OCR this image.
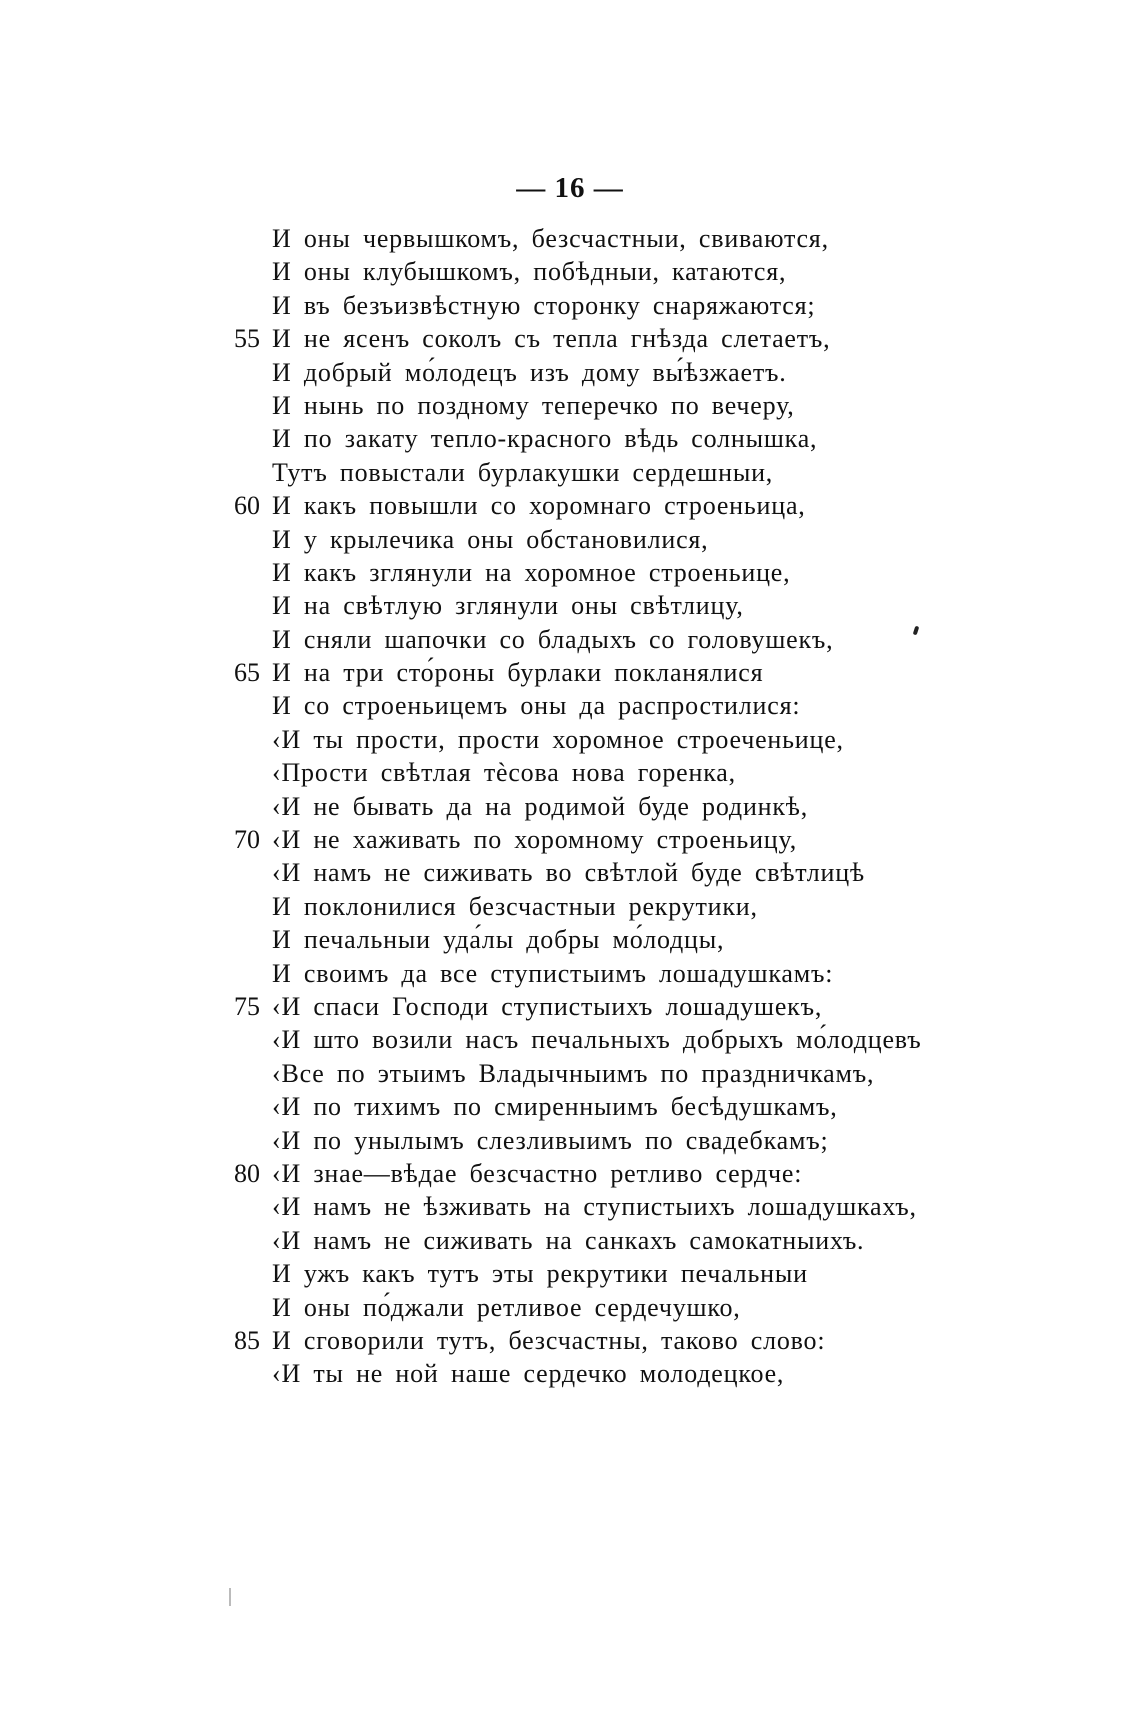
— 16 —
И оны червышкомъ, безсчастныи, свиваются,
И оны клубышкомъ, побѣдныи, катаются,
И въ безъизвѣстную сторонку снаряжаются;
55 И не ясенъ соколъ съ тепла гнѣзда слетаетъ,
И добрый мо́лодецъ изъ дому вы́ѣзжаетъ.
И нынь по поздному теперечко по вечеру,
И по закату тепло-красного вѣдь солнышка,
Тутъ повыстали бурлакушки сердешныи,
60 И какъ повышли со хоромнаго строеньица,
И у крылечика оны обстановилися,
И какъ зглянули на хоромное строеньице,
И на свѣтлую зглянули оны свѣтлицу,
И сняли шапочки со бладыхъ со головушекъ,
65 И на три сто́роны бурлаки покланялися
И со строеньицемъ оны да распростилися:
‹И ты прости, прости хоромное строеченьице,
‹Прости свѣтлая тѐсова нова горенка,
‹И не бывать да на родимой буде родинкѣ,
70 ‹И не хаживать по хоромному строеньицу,
‹И намъ не сиживать во свѣтлой буде свѣтлицѣ
И поклонилися безсчастныи рекрутики,
И печальныи уда́лы добры мо́лодцы,
И своимъ да все ступистыимъ лошадушкамъ:
75 ‹И спаси Господи ступистыихъ лошадушекъ,
‹И што возили насъ печальныхъ добрыхъ мо́лодцевъ
‹Все по этыимъ Владычныимъ по праздничкамъ,
‹И по тихимъ по смиренныимъ бесѣдушкамъ,
‹И по унылымъ слезливыимъ по свадебкамъ;
80 ‹И знае—вѣдае безсчастно ретливо сердче:
‹И намъ не ѣзживать на ступистыихъ лошадушкахъ,
‹И намъ не сиживать на санкахъ самокатныихъ.
И ужъ какъ тутъ эты рекрутики печальныи
И оны по́джали ретливое сердечушко,
85 И сговорили тутъ, безсчастны, таково слово:
‹И ты не ной наше сердечко молодецкое,
